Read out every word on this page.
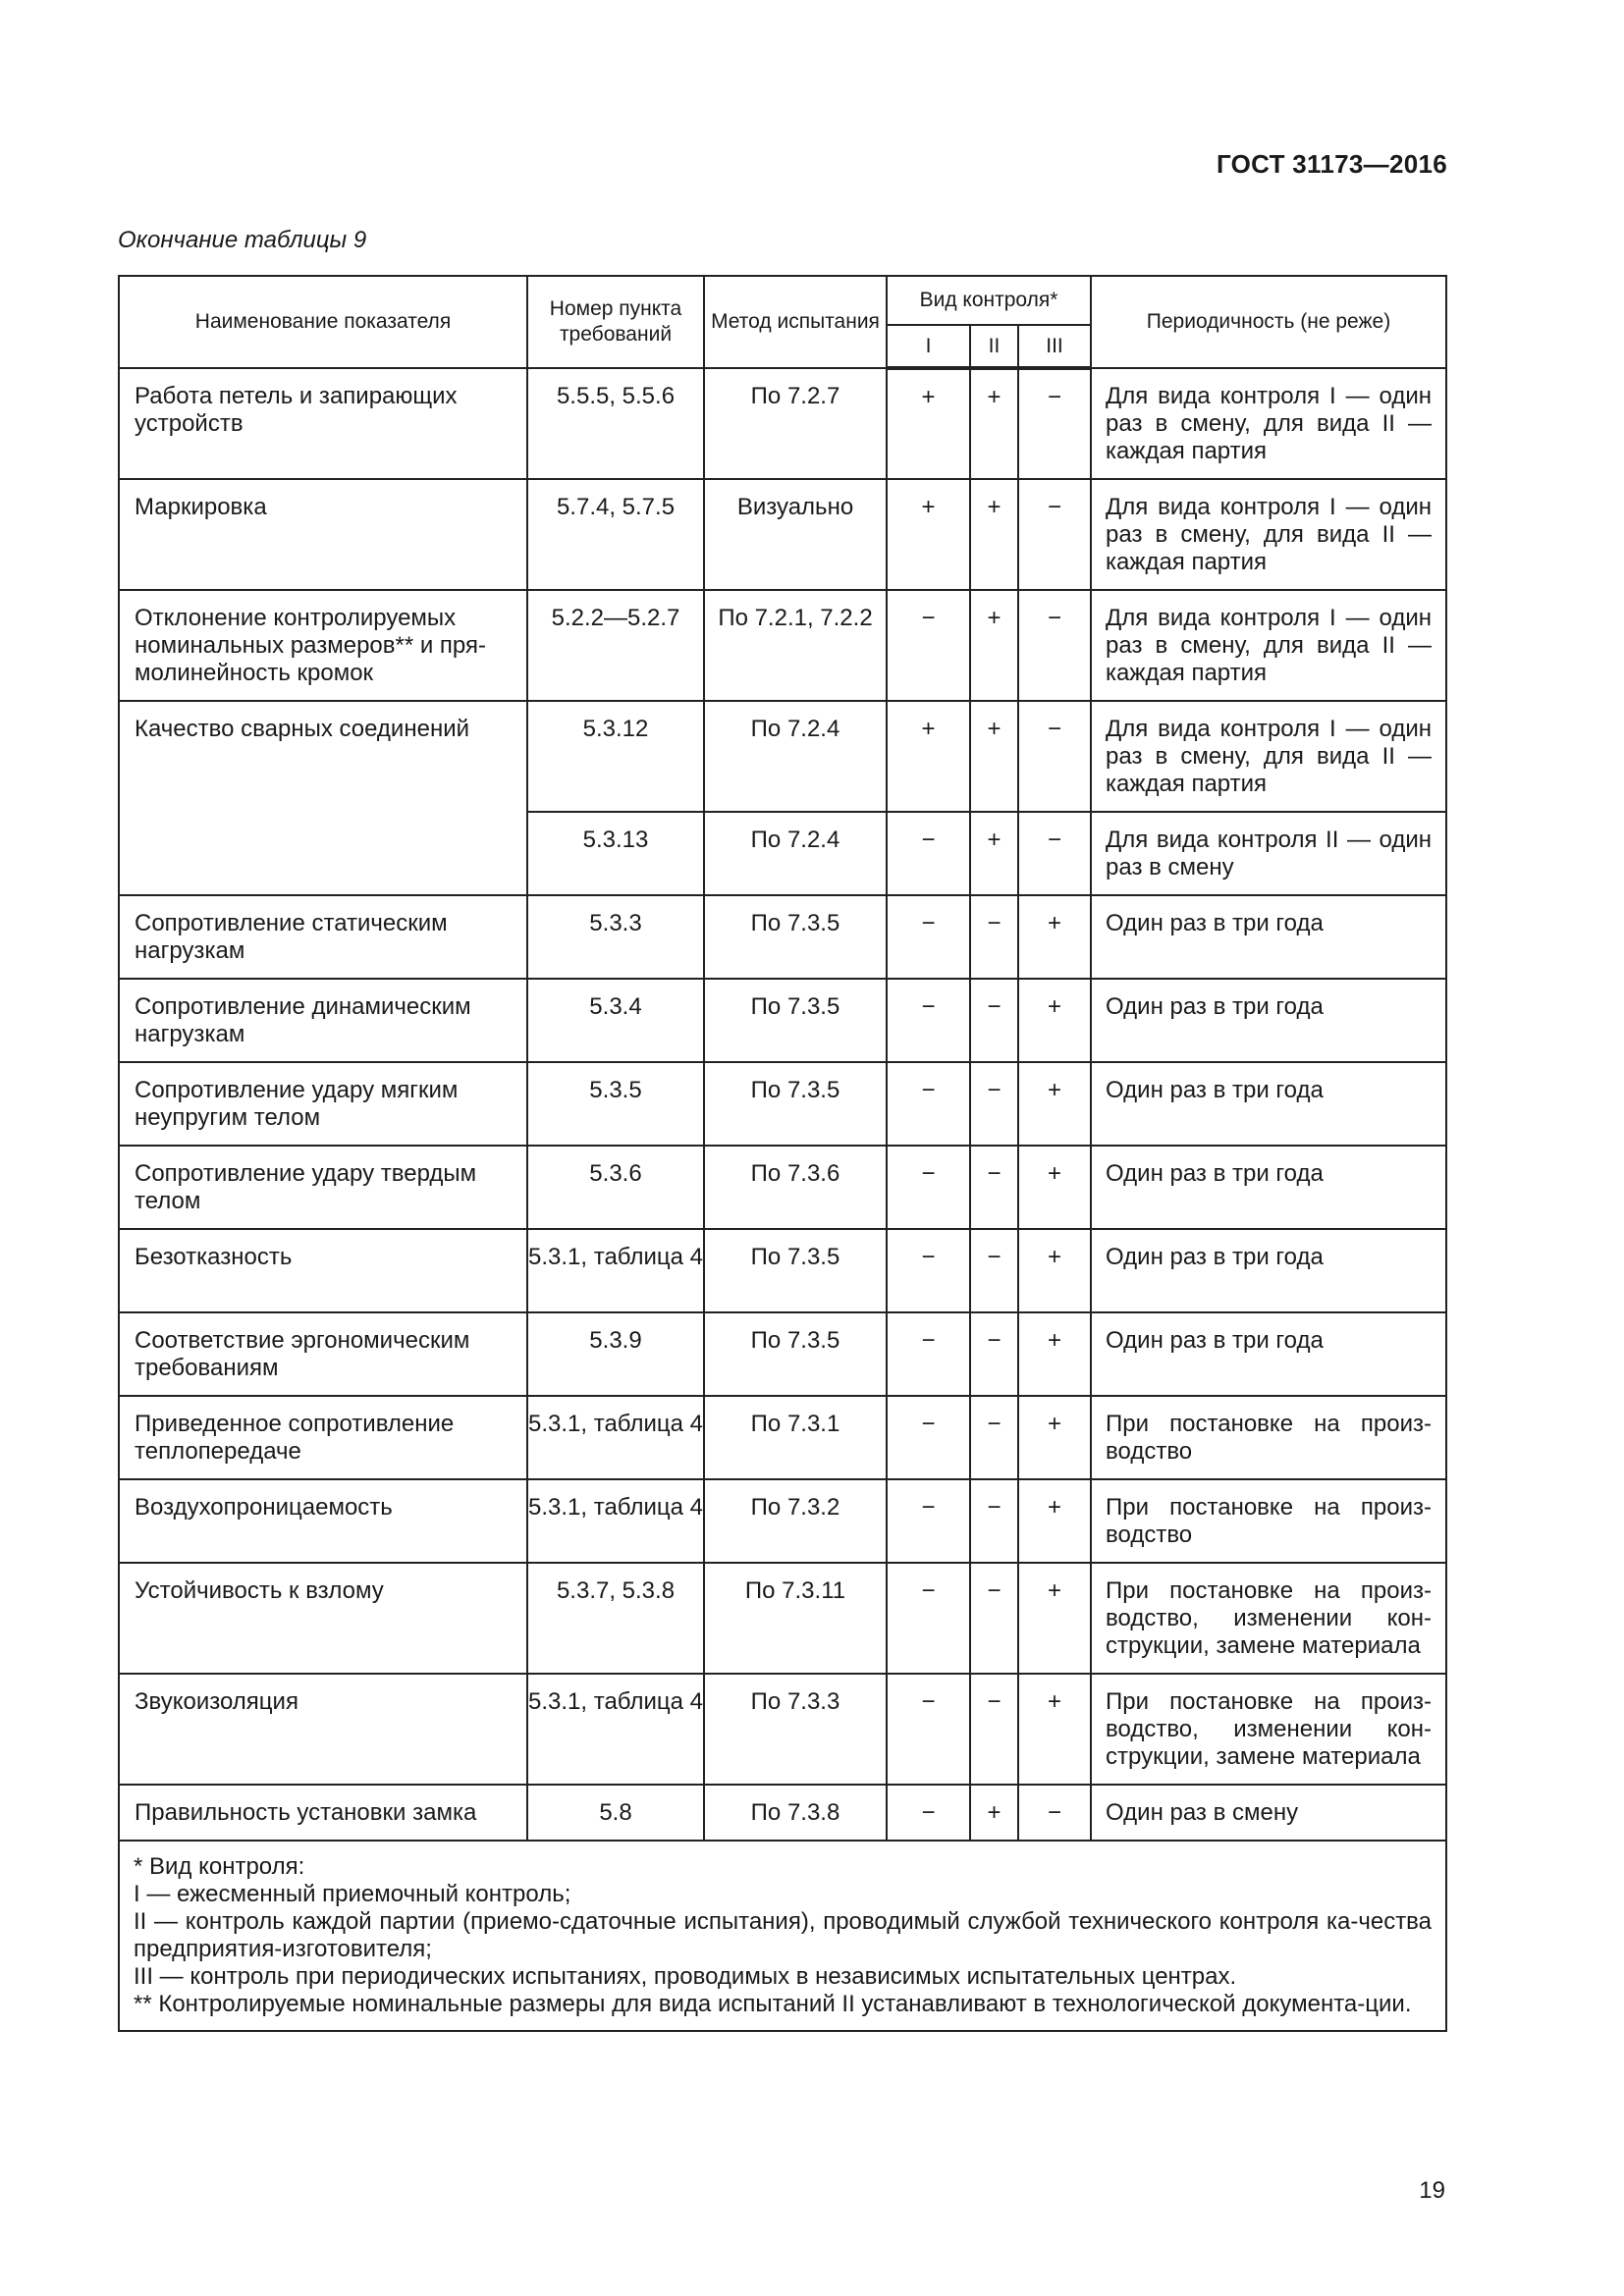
ГОСТ 31173—2016
Окончание таблицы 9
Наименование показателя	Номер пункта требований	Метод испытания	Вид контроля*			Периодичность (не реже)
			I	II	III	
Работа петель и запирающих устройств	5.5.5, 5.5.6	По 7.2.7	+	+	−	Для вида контроля I — один раз в смену, для вида II — каждая партия
Маркировка	5.7.4, 5.7.5	Визуально	+	+	−	Для вида контроля I — один раз в смену, для вида II — каждая партия
Отклонение контролируемых номинальных размеров** и пря-молинейность кромок	5.2.2—5.2.7	По 7.2.1, 7.2.2	−	+	−	Для вида контроля I — один раз в смену, для вида II — каждая партия
Качество сварных соединений	5.3.12	По 7.2.4	+	+	−	Для вида контроля I — один раз в смену, для вида II — каждая партия
	5.3.13	По 7.2.4	−	+	−	Для вида контроля II — один раз в смену
Сопротивление статическим нагрузкам	5.3.3	По 7.3.5	−	−	+	Один раз в три года
Сопротивление динамическим нагрузкам	5.3.4	По 7.3.5	−	−	+	Один раз в три года
Сопротивление удару мягким неупругим телом	5.3.5	По 7.3.5	−	−	+	Один раз в три года
Сопротивление удару твердым телом	5.3.6	По 7.3.6	−	−	+	Один раз в три года
Безотказность	5.3.1, таблица 4	По 7.3.5	−	−	+	Один раз в три года
Соответствие эргономическим требованиям	5.3.9	По 7.3.5	−	−	+	Один раз в три года
Приведенное сопротивление теплопередаче	5.3.1, таблица 4	По 7.3.1	−	−	+	При постановке на произ-водство
Воздухопроницаемость	5.3.1, таблица 4	По 7.3.2	−	−	+	При постановке на произ-водство
Устойчивость к взлому	5.3.7, 5.3.8	По 7.3.11	−	−	+	При постановке на произ-водство, изменении кон-струкции, замене материала
Звукоизоляция	5.3.1, таблица 4	По 7.3.3	−	−	+	При постановке на произ-водство, изменении кон-струкции, замене материала
Правильность установки замка	5.8	По 7.3.8	−	+	−	Один раз в смену

* Вид контроля:
I — ежесменный приемочный контроль;
II — контроль каждой партии (приемо-сдаточные испытания), проводимый службой технического контроля ка-чества предприятия-изготовителя;
III — контроль при периодических испытаниях, проводимых в независимых испытательных центрах.
** Контролируемые номинальные размеры для вида испытаний II устанавливают в технологической документа-ции.						
19
